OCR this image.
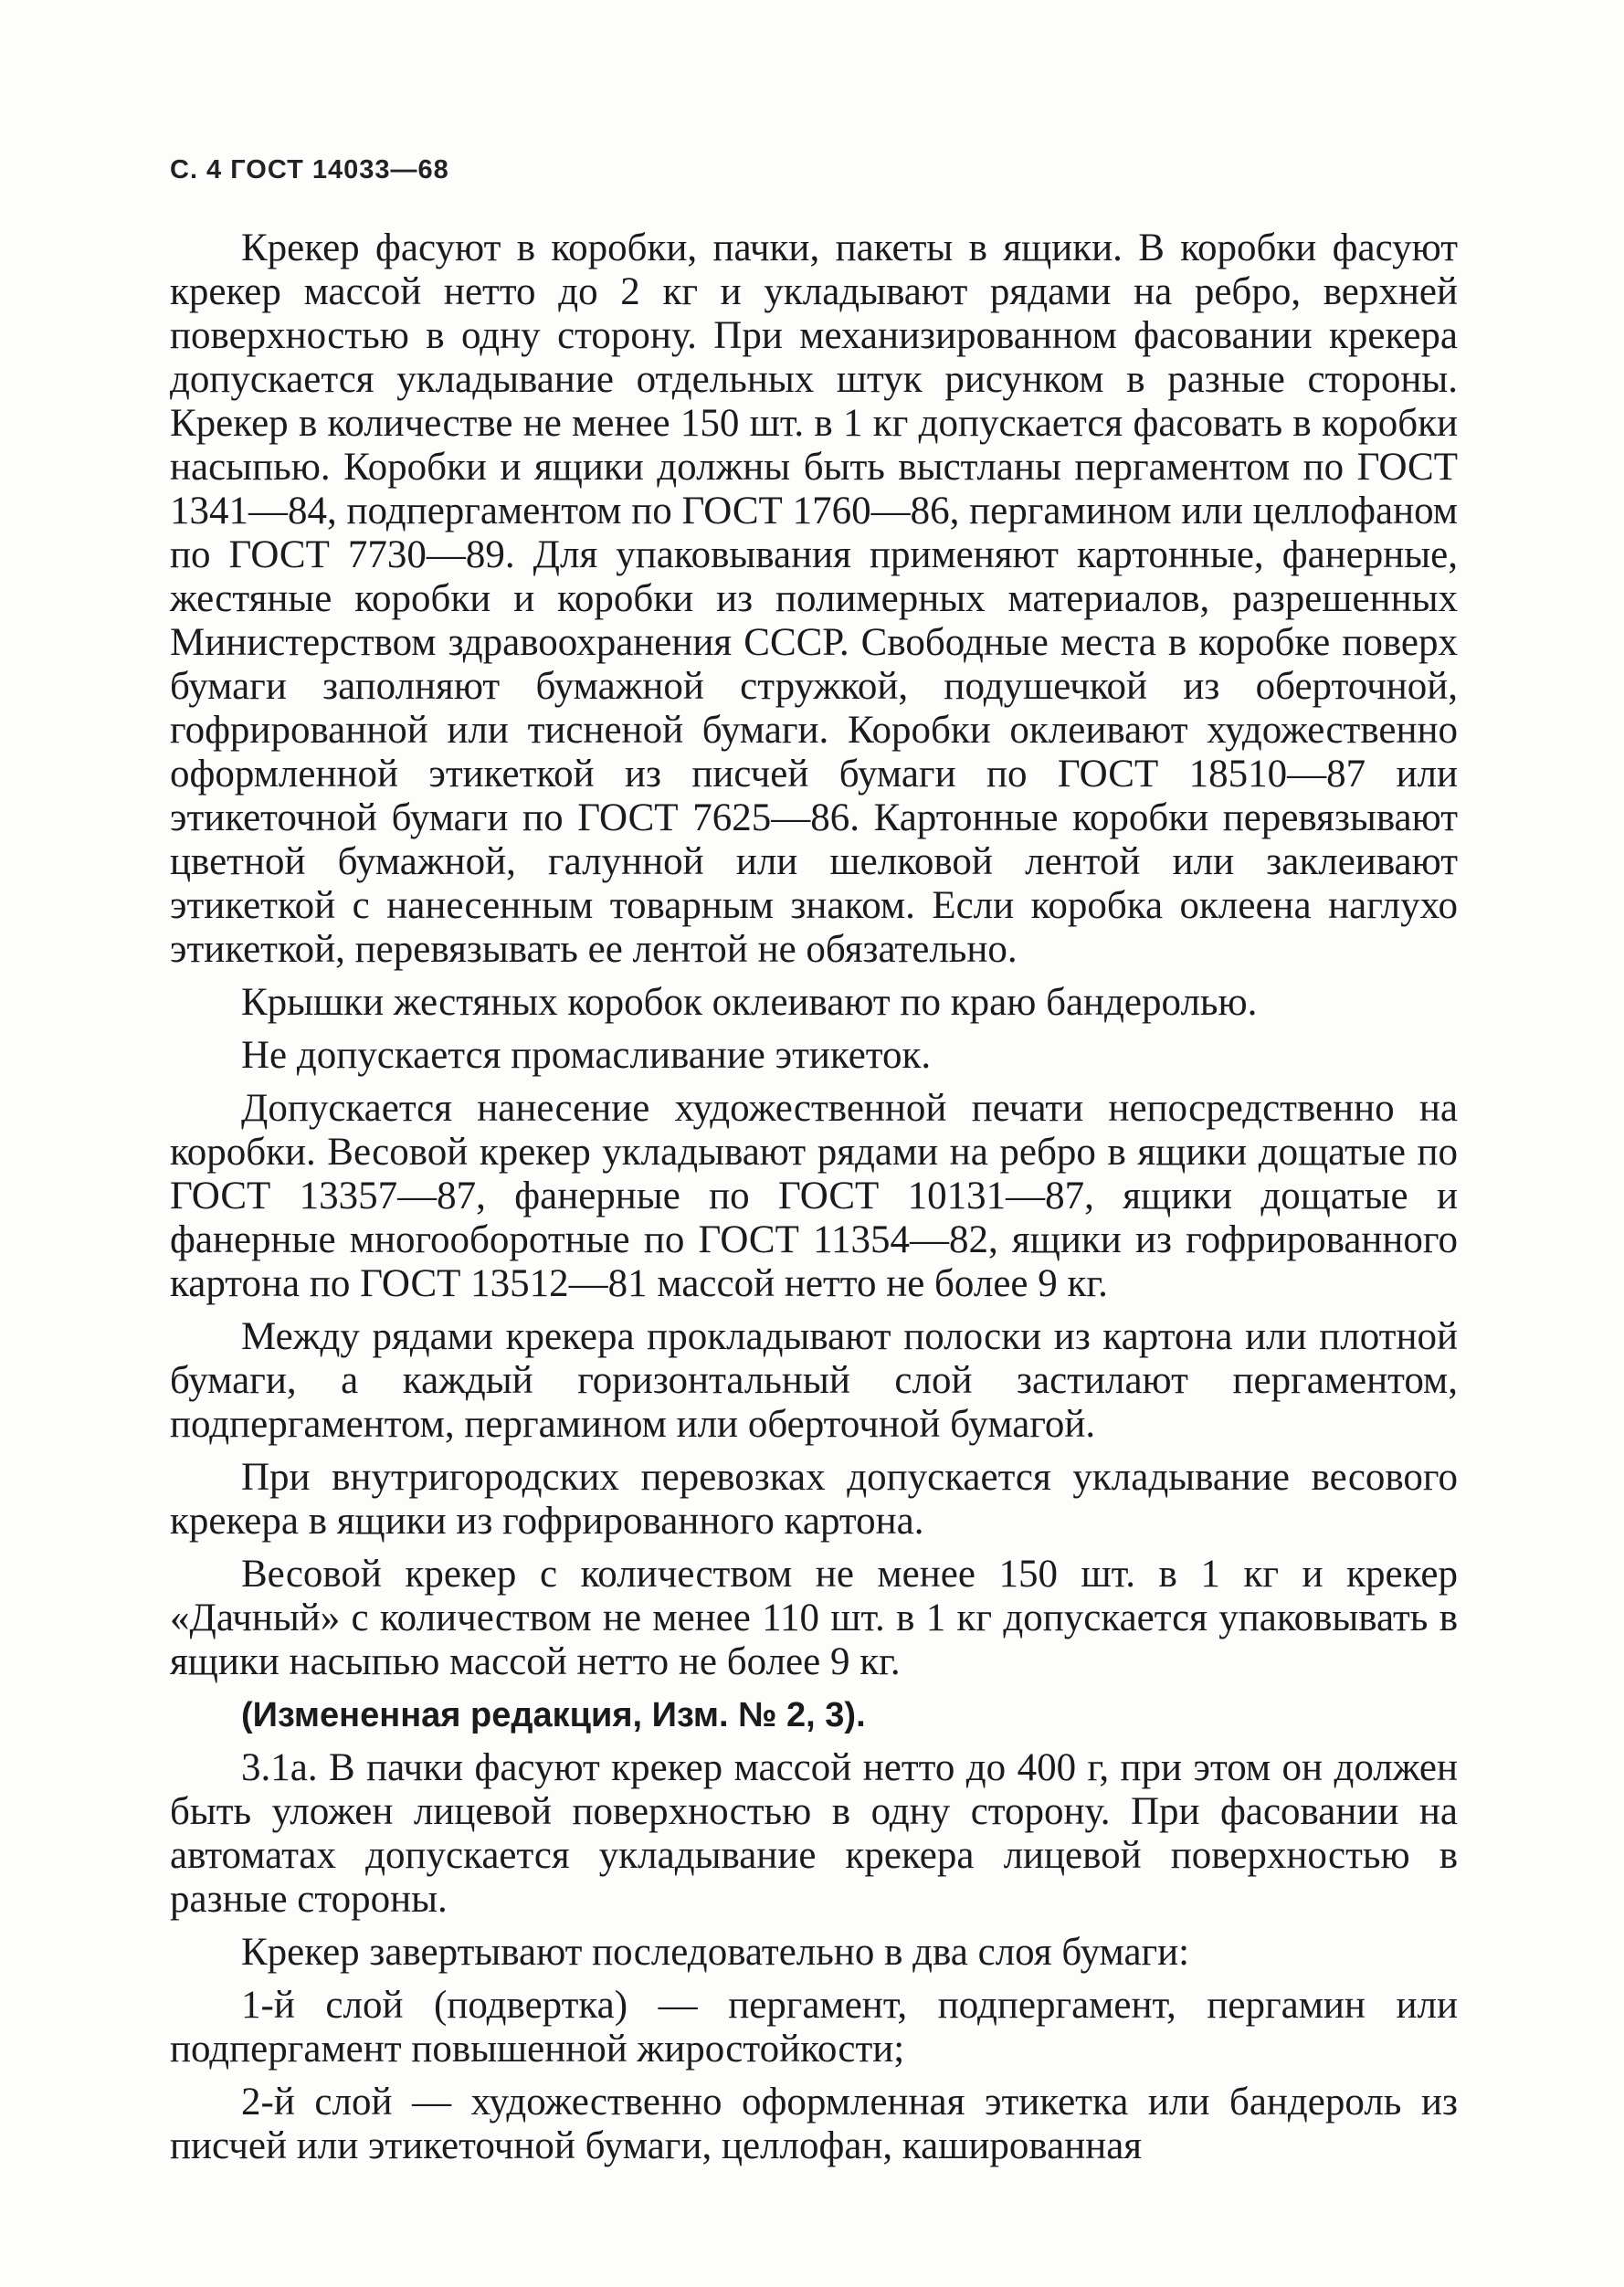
С. 4 ГОСТ 14033—68

Крекер фасуют в коробки, пачки, пакеты в ящики. В коробки фасуют крекер массой нетто до 2 кг и укладывают рядами на ребро, верхней поверхностью в одну сторону. При механизированном фасовании крекера допускается укладывание отдельных штук рисунком в разные стороны. Крекер в количестве не менее 150 шт. в 1 кг допускается фасовать в коробки насыпью. Коробки и ящики должны быть выстланы пергаментом по ГОСТ 1341—84, подпергаментом по ГОСТ 1760—86, пергамином или целлофаном по ГОСТ 7730—89. Для упаковывания применяют картонные, фанерные, жестяные коробки и коробки из полимерных материалов, разрешенных Министерством здравоохранения СССР. Свободные места в коробке поверх бумаги заполняют бумажной стружкой, подушечкой из оберточной, гофрированной или тисненой бумаги. Коробки оклеивают художественно оформленной этикеткой из писчей бумаги по ГОСТ 18510—87 или этикеточной бумаги по ГОСТ 7625—86. Картонные коробки перевязывают цветной бумажной, галунной или шелковой лентой или заклеивают этикеткой с нанесенным товарным знаком. Если коробка оклеена наглухо этикеткой, перевязывать ее лентой не обязательно.

Крышки жестяных коробок оклеивают по краю бандеролью.

Не допускается промасливание этикеток.

Допускается нанесение художественной печати непосредственно на коробки. Весовой крекер укладывают рядами на ребро в ящики дощатые по ГОСТ 13357—87, фанерные по ГОСТ 10131—87, ящики дощатые и фанерные многооборотные по ГОСТ 11354—82, ящики из гофрированного картона по ГОСТ 13512—81 массой нетто не более 9 кг.

Между рядами крекера прокладывают полоски из картона или плотной бумаги, а каждый горизонтальный слой застилают пергаментом, подпергаментом, пергамином или оберточной бумагой.

При внутригородских перевозках допускается укладывание весового крекера в ящики из гофрированного картона.

Весовой крекер с количеством не менее 150 шт. в 1 кг и крекер «Дачный» с количеством не менее 110 шт. в 1 кг допускается упаковывать в ящики насыпью массой нетто не более 9 кг.

(Измененная редакция, Изм. № 2, 3).

3.1а. В пачки фасуют крекер массой нетто до 400 г, при этом он должен быть уложен лицевой поверхностью в одну сторону. При фасовании на автоматах допускается укладывание крекера лицевой поверхностью в разные стороны.

Крекер завертывают последовательно в два слоя бумаги:

1-й слой (подвертка) — пергамент, подпергамент, пергамин или подпергамент повышенной жиростойкости;

2-й слой — художественно оформленная этикетка или бандероль из писчей или этикеточной бумаги, целлофан, кашированная
